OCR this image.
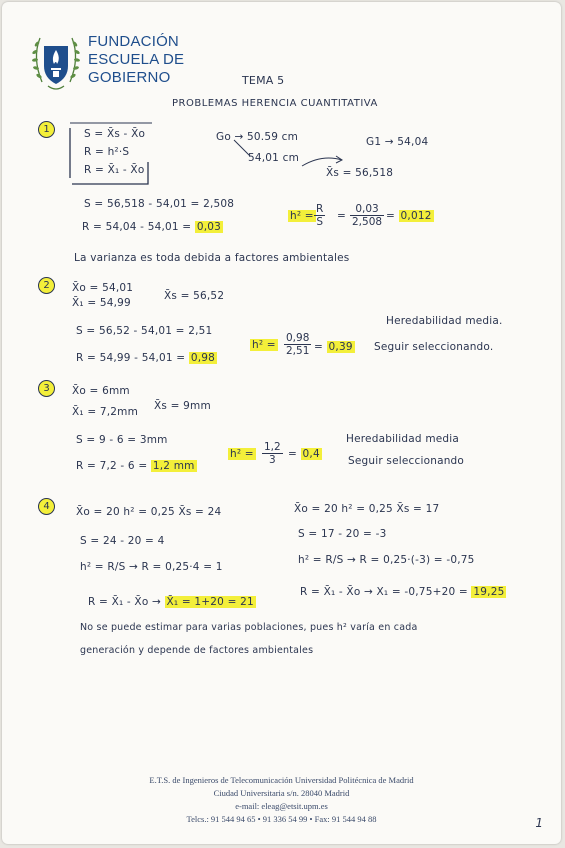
FUNDACIÓN
ESCUELA DE
GOBIERNO	TEMA 5
PROBLEMAS HERENCIA CUANTITATIVA
1	S = X̄s - X̄o
R = h²·S
R = X̄₁ - X̄o
Go → 50.59 cm
54,01 cm
G1 → 54,04
X̄s = 56,518
S = 56,518 - 54,01 = 2,508
R = 54,04 - 54,01 = 0,03
$h^2 = \frac{R}{S} = \frac{0,03}{2,508} = 0,012$
La varianza es toda debida a factores ambientales
2	X̄o = 54,01
X̄₁ = 54,99
X̄s = 56,52
Heredabilidad media.
S = 56,52 - 54,01 = 2,51
R = 54,99 - 54,01 = 0,98
$h^2 = \frac{0,98}{2,51} = 0,39$ Seguir seleccionando.
3	X̄o = 6mm
X̄₁ = 7,2mm X̄s = 9mm
S = 9 - 6 = 3mm
R = 7,2 - 6 = 1,2 mm
$h^2 = \frac{1,2}{3} = 0,4$
Heredabilidad media
Seguir seleccionando
4	X̄o = 20 h² = 0,25 X̄s = 24
S = 24 - 20 = 4
h² = R/S → R = 0,25·4 = 1
R = X̄₁ - X̄o → X̄₁ = 1+20 = 21
X̄o = 20 h² = 0,25 X̄s = 17
S = 17 - 20 = -3
h² = R/S → R = 0,25·(-3) = -0,75
R = X̄₁ - X̄o → X₁ = -0,75+20 = 19,25
No se puede estimar para varias poblaciones, pues h² varía en cada
generación y depende de factores ambientales
E.T.S. de Ingenieros de Telecomunicación Universidad Politécnica de Madrid
Ciudad Universitaria s/n. 28040 Madrid
e-mail: eleag@etsit.upm.es
Telcs.: 91 544 94 65 • 91 336 54 99 • Fax: 91 544 94 88	1
